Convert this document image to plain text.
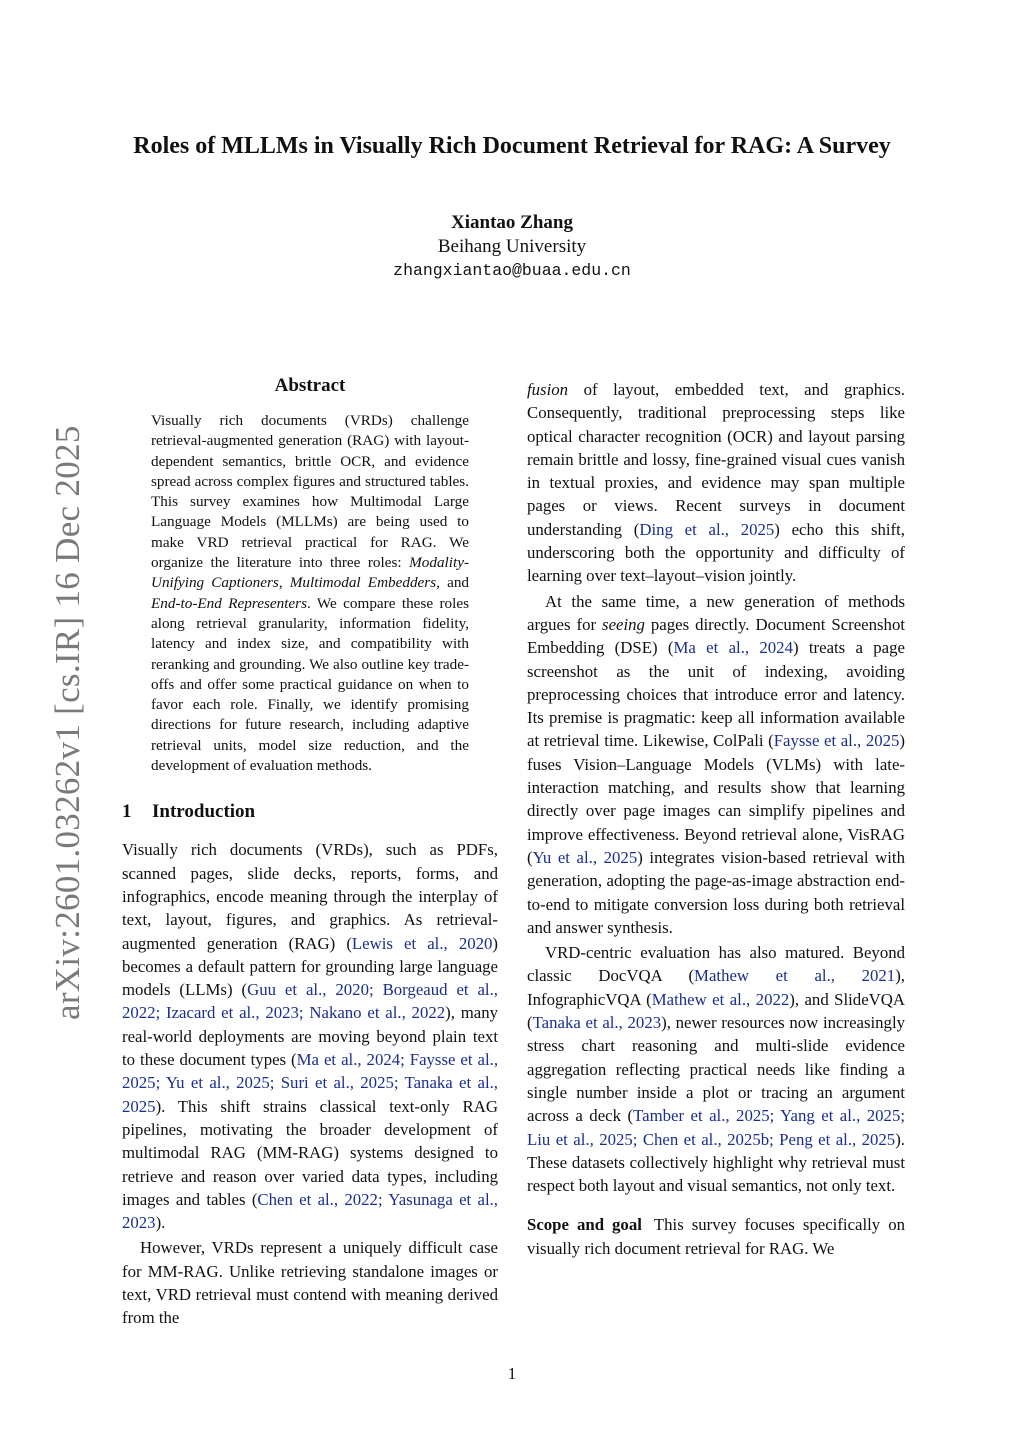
arXiv:2601.03262v1 [cs.IR] 16 Dec 2025
Roles of MLLMs in Visually Rich Document Retrieval for RAG: A Survey
Xiantao Zhang
Beihang University
zhangxiantao@buaa.edu.cn
Abstract
Visually rich documents (VRDs) challenge retrieval-augmented generation (RAG) with layout-dependent semantics, brittle OCR, and evidence spread across complex figures and structured tables. This survey examines how Multimodal Large Language Models (MLLMs) are being used to make VRD retrieval practical for RAG. We organize the literature into three roles: Modality-Unifying Captioners, Multimodal Embedders, and End-to-End Representers. We compare these roles along retrieval granularity, information fidelity, latency and index size, and compatibility with reranking and grounding. We also outline key trade-offs and offer some practical guidance on when to favor each role. Finally, we identify promising directions for future research, including adaptive retrieval units, model size reduction, and the development of evaluation methods.
1 Introduction

Visually rich documents (VRDs), such as PDFs, scanned pages, slide decks, reports, forms, and infographics, encode meaning through the interplay of text, layout, figures, and graphics. As retrieval-augmented generation (RAG) (Lewis et al., 2020) becomes a default pattern for grounding large language models (LLMs) (Guu et al., 2020; Borgeaud et al., 2022; Izacard et al., 2023; Nakano et al., 2022), many real-world deployments are moving beyond plain text to these document types (Ma et al., 2024; Faysse et al., 2025; Yu et al., 2025; Suri et al., 2025; Tanaka et al., 2025). This shift strains classical text-only RAG pipelines, motivating the broader development of multimodal RAG (MM-RAG) systems designed to retrieve and reason over varied data types, including images and tables (Chen et al., 2022; Yasunaga et al., 2023).

However, VRDs represent a uniquely difficult case for MM-RAG. Unlike retrieving standalone images or text, VRD retrieval must contend with meaning derived from the

fusion of layout, embedded text, and graphics. Consequently, traditional preprocessing steps like optical character recognition (OCR) and layout parsing remain brittle and lossy, fine-grained visual cues vanish in textual proxies, and evidence may span multiple pages or views. Recent surveys in document understanding (Ding et al., 2025) echo this shift, underscoring both the opportunity and difficulty of learning over text–layout–vision jointly.

At the same time, a new generation of methods argues for seeing pages directly. Document Screenshot Embedding (DSE) (Ma et al., 2024) treats a page screenshot as the unit of indexing, avoiding preprocessing choices that introduce error and latency. Its premise is pragmatic: keep all information available at retrieval time. Likewise, ColPali (Faysse et al., 2025) fuses Vision–Language Models (VLMs) with late-interaction matching, and results show that learning directly over page images can simplify pipelines and improve effectiveness. Beyond retrieval alone, VisRAG (Yu et al., 2025) integrates vision-based retrieval with generation, adopting the page-as-image abstraction end-to-end to mitigate conversion loss during both retrieval and answer synthesis.

VRD-centric evaluation has also matured. Beyond classic DocVQA (Mathew et al., 2021), InfographicVQA (Mathew et al., 2022), and SlideVQA (Tanaka et al., 2023), newer resources now increasingly stress chart reasoning and multi-slide evidence aggregation reflecting practical needs like finding a single number inside a plot or tracing an argument across a deck (Tamber et al., 2025; Yang et al., 2025; Liu et al., 2025; Chen et al., 2025b; Peng et al., 2025). These datasets collectively highlight why retrieval must respect both layout and visual semantics, not only text.

Scope and goal This survey focuses specifically on visually rich document retrieval for RAG. We

1
